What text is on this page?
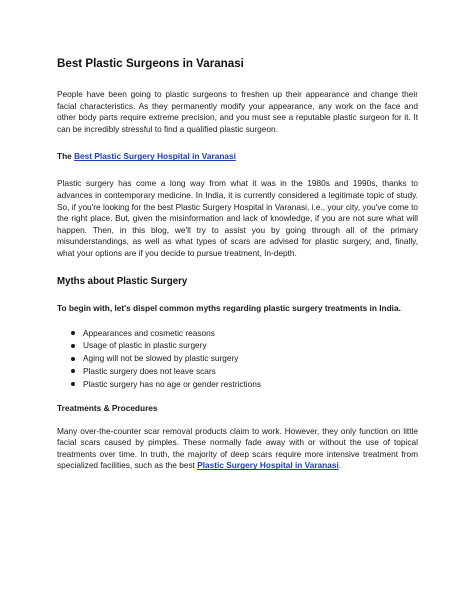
Best Plastic Surgeons in Varanasi

People have been going to plastic surgeons to freshen up their appearance and change their facial characteristics. As they permanently modify your appearance, any work on the face and other body parts require extreme precision, and you must see a reputable plastic surgeon for it. It can be incredibly stressful to find a qualified plastic surgeon.

The Best Plastic Surgery Hospital in Varanasi

Plastic surgery has come a long way from what it was in the 1980s and 1990s, thanks to advances in contemporary medicine. In India, it is currently considered a legitimate topic of study. So, if you're looking for the best Plastic Surgery Hospital in Varanasi, i.e., your city, you've come to the right place. But, given the misinformation and lack of knowledge, if you are not sure what will happen. Then, in this blog, we'll try to assist you by going through all of the primary misunderstandings, as well as what types of scars are advised for plastic surgery, and, finally, what your options are if you decide to pursue treatment, In-depth.

Myths about Plastic Surgery
To begin with, let's dispel common myths regarding plastic surgery treatments in India.
Appearances and cosmetic reasons
Usage of plastic in plastic surgery
Aging will not be slowed by plastic surgery
Plastic surgery does not leave scars
Plastic surgery has no age or gender restrictions
Treatments & Procedures

Many over-the-counter scar removal products claim to work. However, they only function on little facial scars caused by pimples. These normally fade away with or without the use of topical treatments over time. In truth, the majority of deep scars require more intensive treatment from specialized facilities, such as the best Plastic Surgery Hospital in Varanasi.
